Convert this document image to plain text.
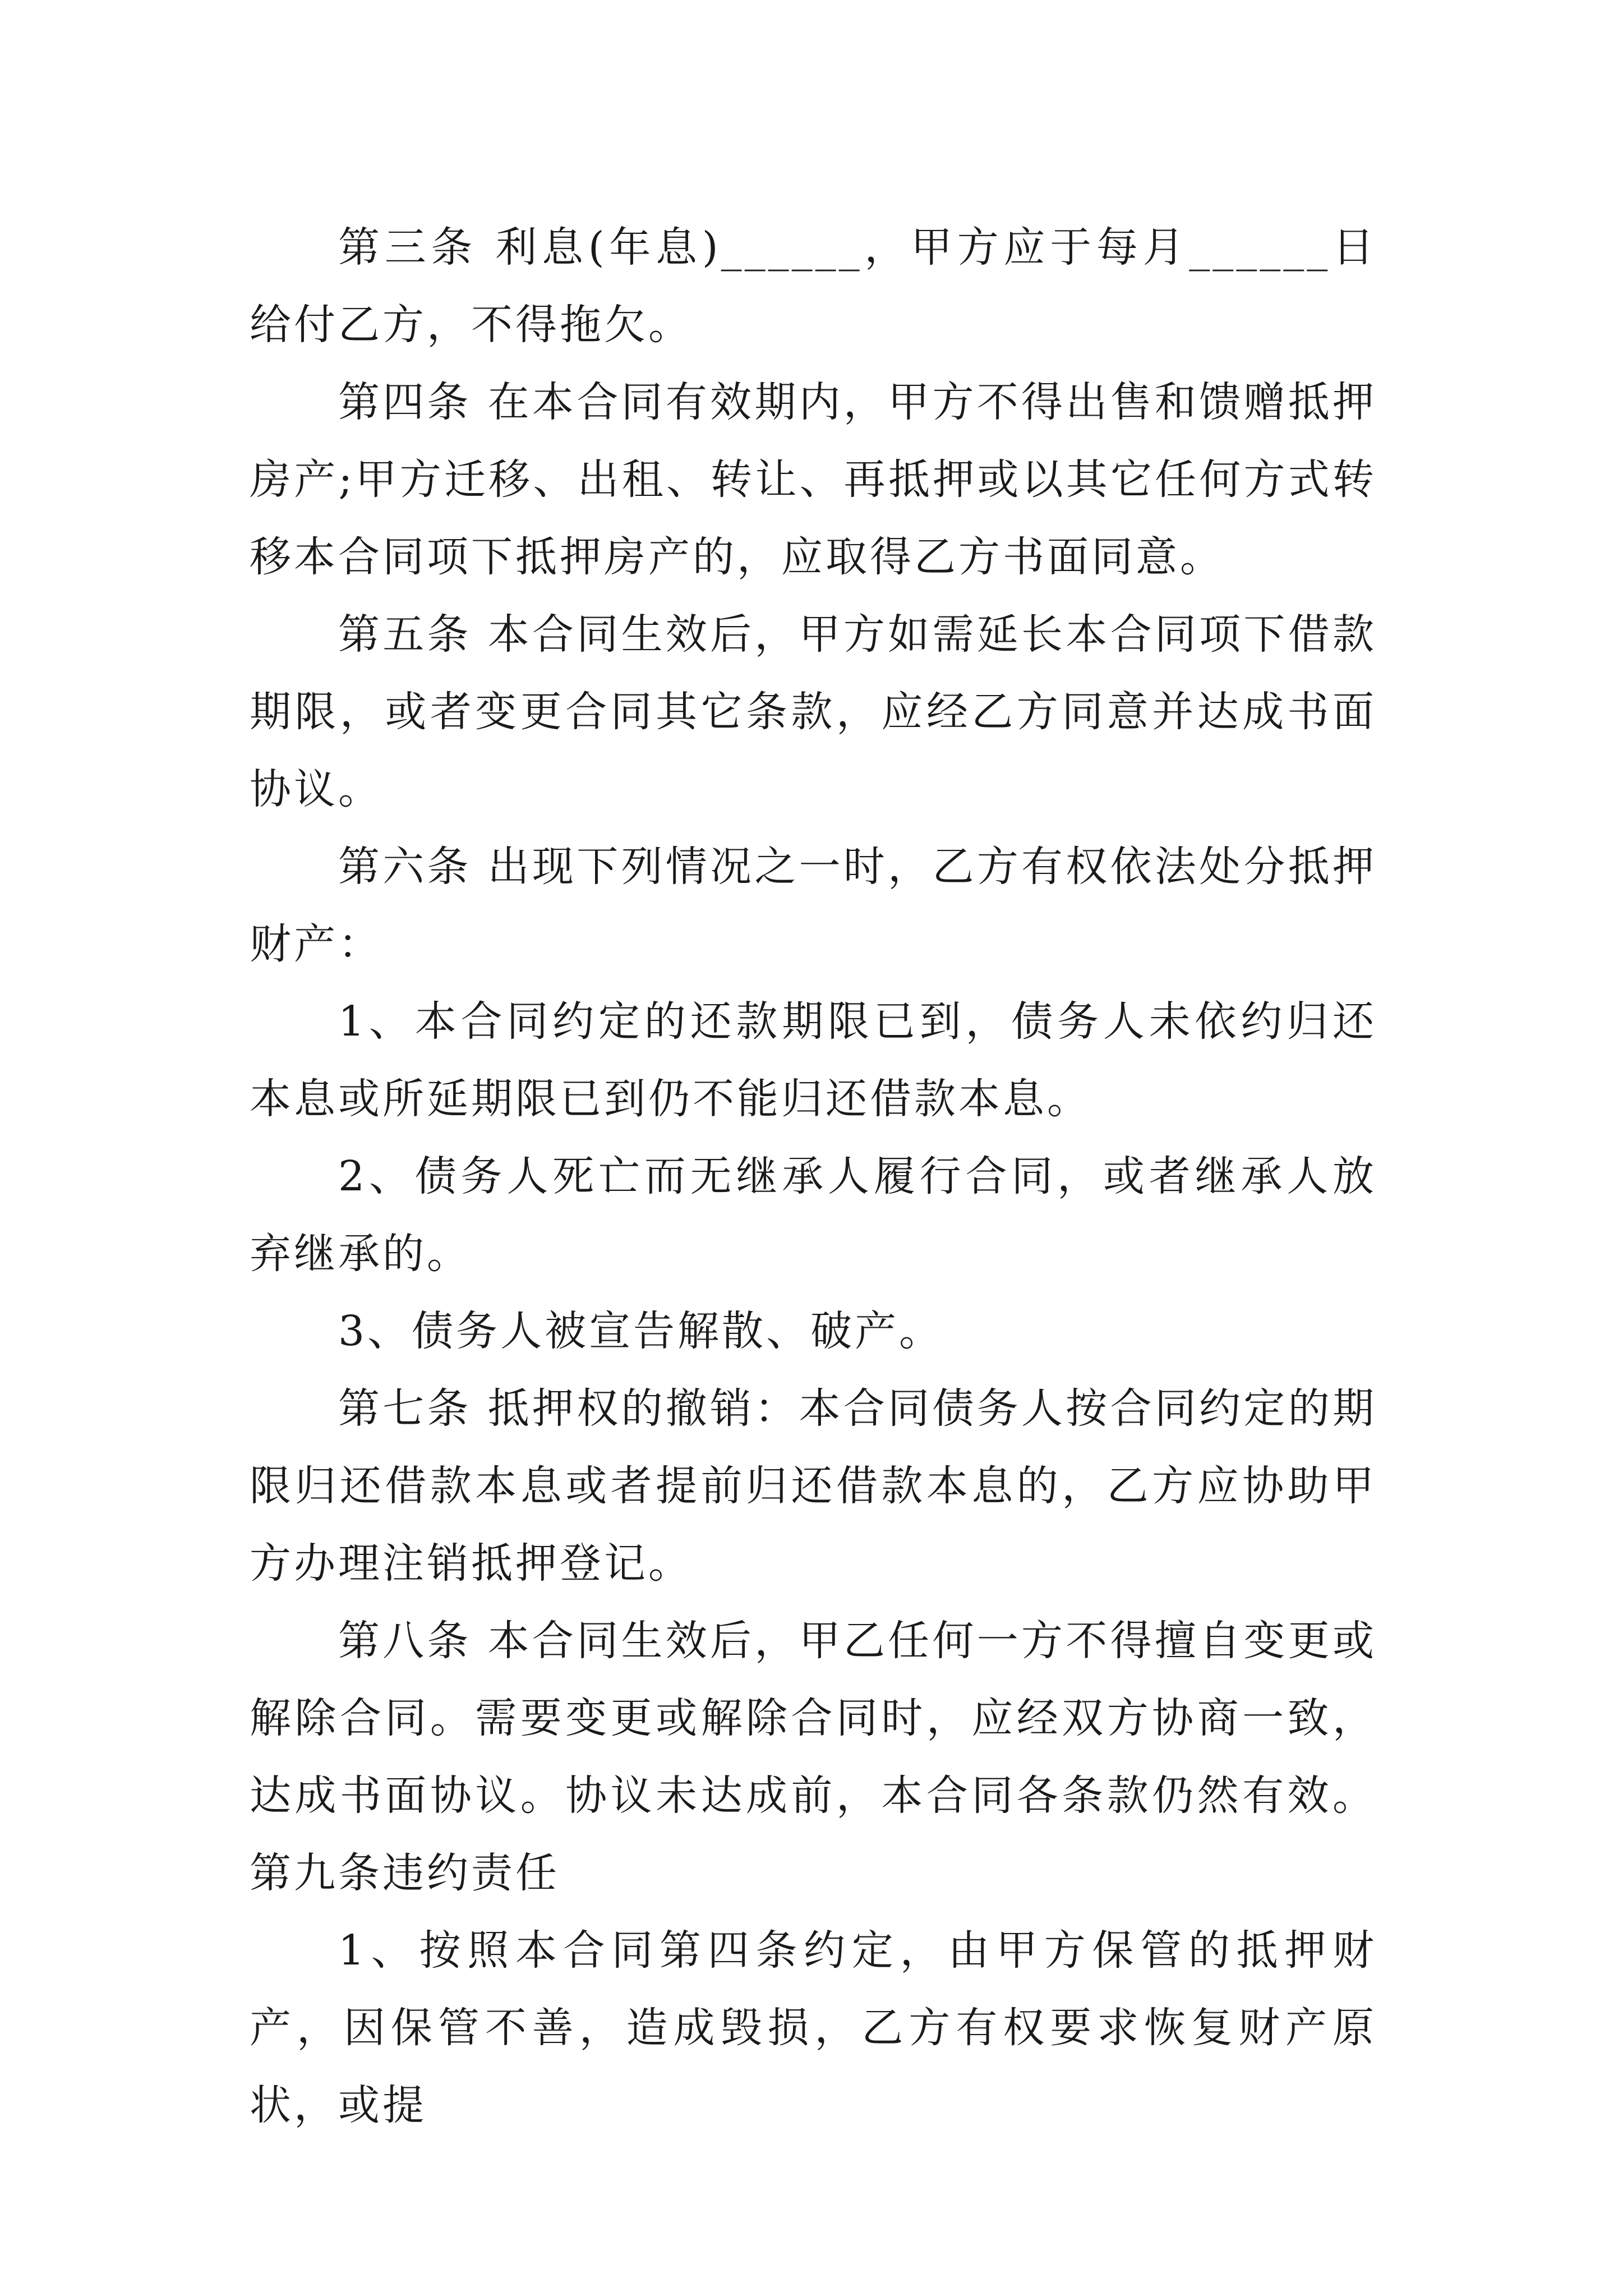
第三条 利息(年息)______，甲方应于每月______日给付乙方，不得拖欠。

第四条 在本合同有效期内，甲方不得出售和馈赠抵押房产;甲方迁移、出租、转让、再抵押或以其它任何方式转移本合同项下抵押房产的，应取得乙方书面同意。

第五条 本合同生效后，甲方如需延长本合同项下借款期限，或者变更合同其它条款，应经乙方同意并达成书面协议。

第六条 出现下列情况之一时，乙方有权依法处分抵押财产：

1、本合同约定的还款期限已到，债务人未依约归还本息或所延期限已到仍不能归还借款本息。

2、债务人死亡而无继承人履行合同，或者继承人放弃继承的。

3、债务人被宣告解散、破产。

第七条 抵押权的撤销：本合同债务人按合同约定的期限归还借款本息或者提前归还借款本息的，乙方应协助甲方办理注销抵押登记。

第八条 本合同生效后，甲乙任何一方不得擅自变更或解除合同。需要变更或解除合同时，应经双方协商一致，达成书面协议。协议未达成前，本合同各条款仍然有效。第九条违约责任

1、按照本合同第四条约定，由甲方保管的抵押财产，因保管不善，造成毁损，乙方有权要求恢复财产原状，或提
